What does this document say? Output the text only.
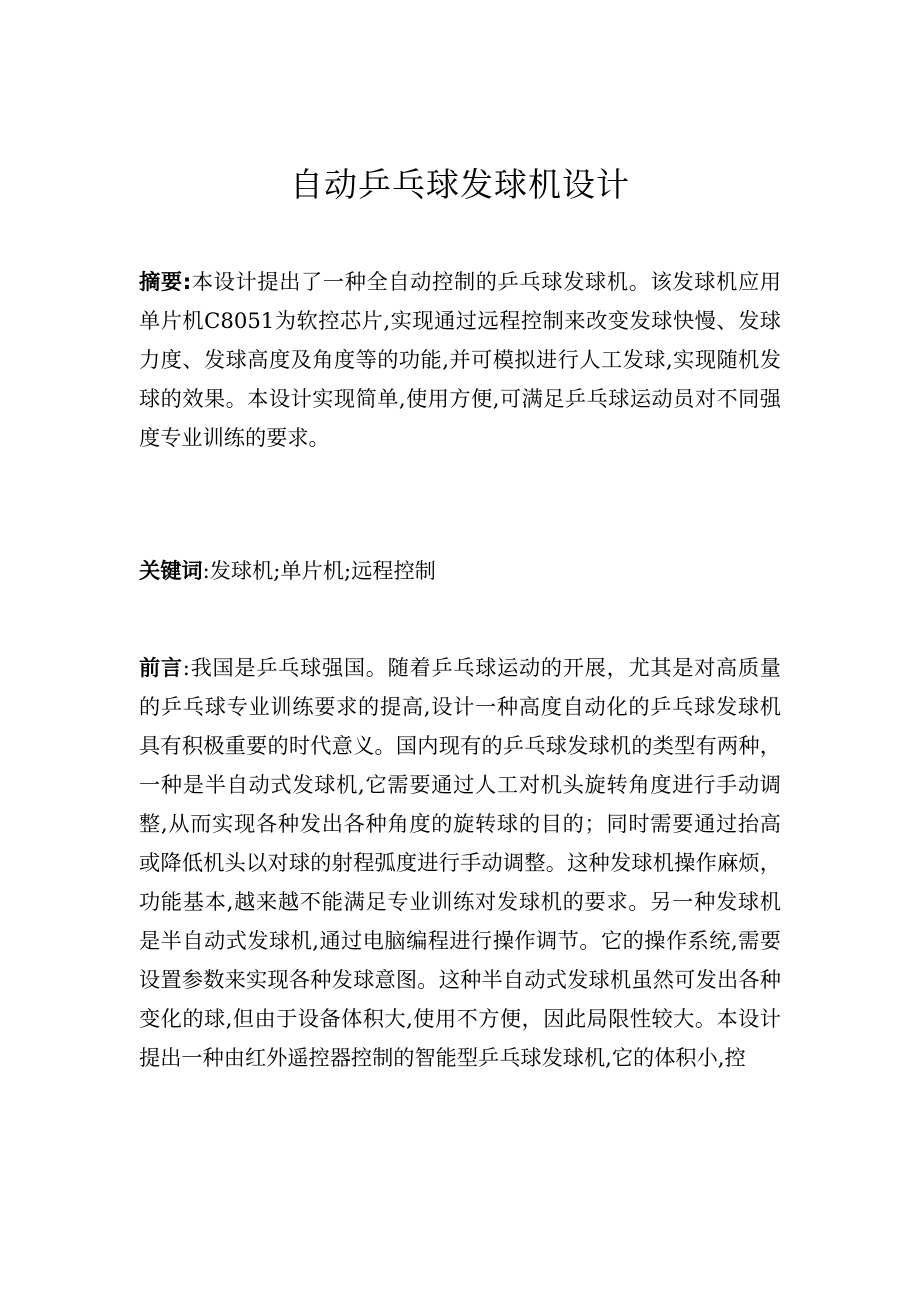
自动乒乓球发球机设计
摘要:本设计提出了一种全自动控制的乒乓球发球机。该发球机应用单片机C8051为软控芯片,实现通过远程控制来改变发球快慢、发球力度、发球高度及角度等的功能,并可模拟进行人工发球,实现随机发球的效果。本设计实现简单,使用方便,可满足乒乓球运动员对不同强度专业训练的要求。
关键词:发球机;单片机;远程控制
前言:我国是乒乓球强国。随着乒乓球运动的开展，尤其是对高质量的乒乓球专业训练要求的提高,设计一种高度自动化的乒乓球发球机具有积极重要的时代意义。国内现有的乒乓球发球机的类型有两种，一种是半自动式发球机,它需要通过人工对机头旋转角度进行手动调整,从而实现各种发出各种角度的旋转球的目的；同时需要通过抬高或降低机头以对球的射程弧度进行手动调整。这种发球机操作麻烦，功能基本,越来越不能满足专业训练对发球机的要求。另一种发球机是半自动式发球机,通过电脑编程进行操作调节。它的操作系统,需要设置参数来实现各种发球意图。这种半自动式发球机虽然可发出各种变化的球,但由于设备体积大,使用不方便，因此局限性较大。本设计提出一种由红外遥控器控制的智能型乒乓球发球机,它的体积小,控
